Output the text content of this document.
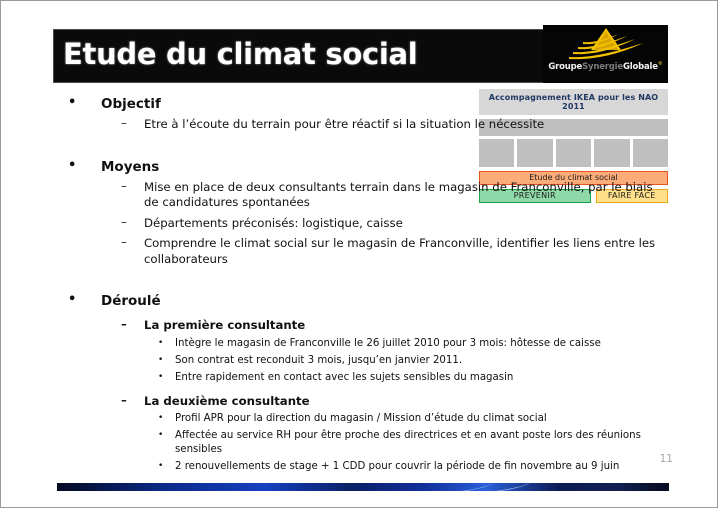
Etude du climat social	GroupeSynergieGlobale®
Accompagnement IKEA pour les NAO 2011
Etude du climat social
PREVENIR	FAIRE FACE
• Objectif
– Etre à l’écoute du terrain pour être réactif si la situation le nécessite
• Moyens
– Mise en place de deux consultants terrain dans le magasin de Franconville, par le biais de candidatures spontanées
– Départements préconisés: logistique, caisse
– Comprendre le climat social sur le magasin de Franconville, identifier les liens entre les collaborateurs
• Déroulé
– La première consultante
• Intègre le magasin de Franconville le 26 juillet 2010 pour 3 mois: hôtesse de caisse
• Son contrat est reconduit 3 mois, jusqu’en janvier 2011.
• Entre rapidement en contact avec les sujets sensibles du magasin
– La deuxième consultante
• Profil APR pour la direction du magasin / Mission d’étude du climat social
• Affectée au service RH pour être proche des directrices et en avant poste lors des réunions sensibles
• 2 renouvellements de stage + 1 CDD pour couvrir la période de fin novembre au 9 juin
11
